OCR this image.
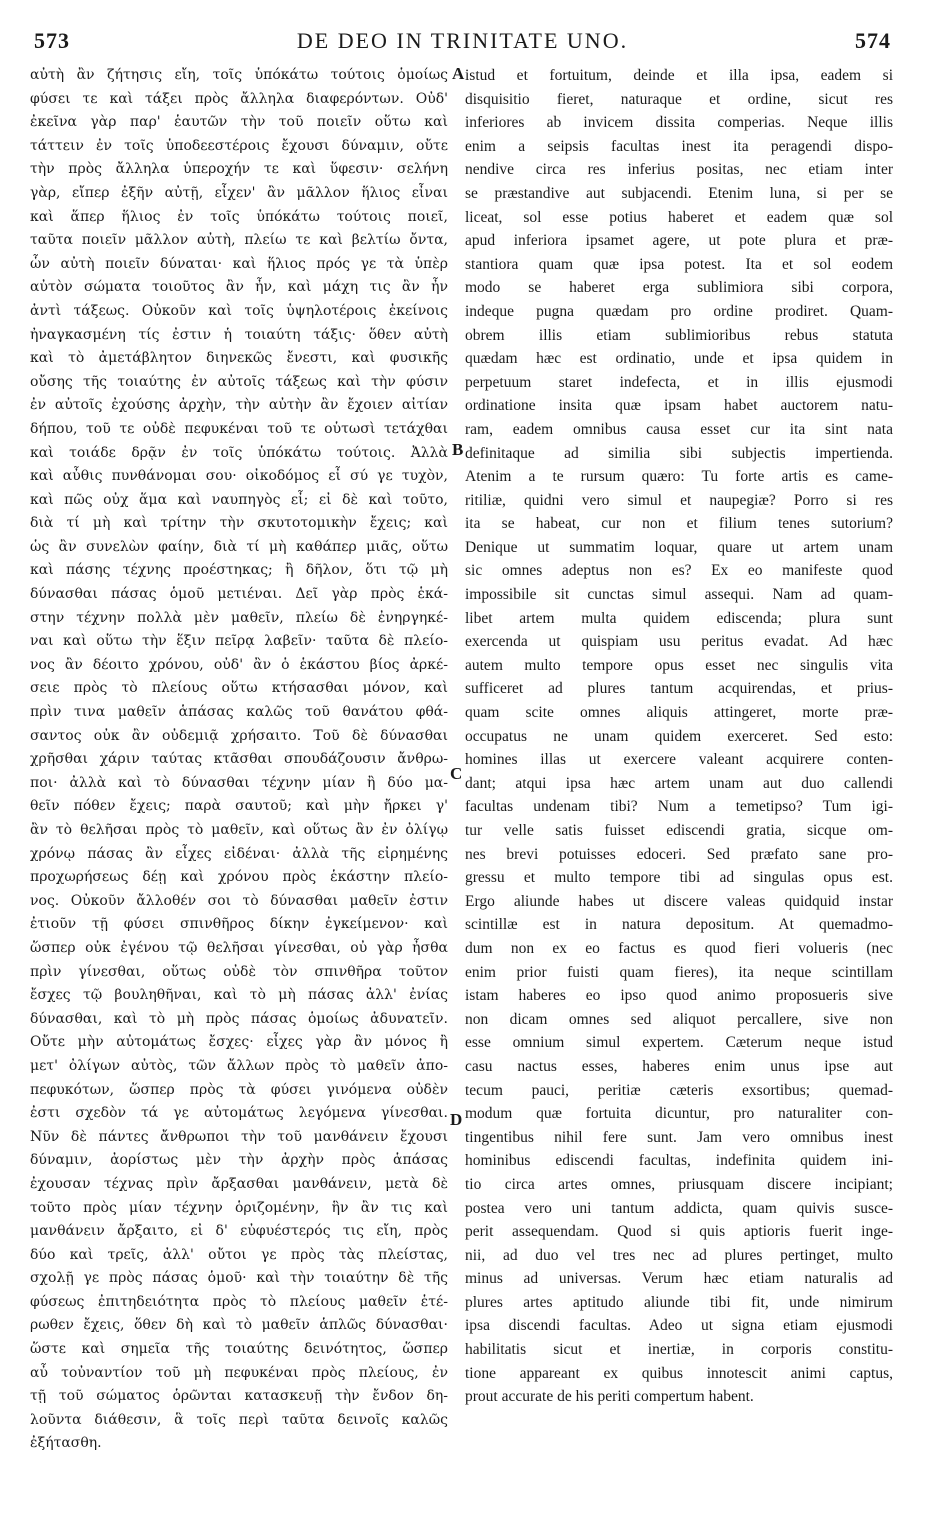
573	DE DEO IN TRINITATE UNO.	574
αὐτὴ ἂν ζήτησις εἴη, τοῖς ὑπόκάτω τούτοις ὁμοίως
φύσει τε καὶ τάξει πρὸς ἄλληλα διαφερόντων. Οὐδ'
ἐκεῖνα γὰρ παρ' ἑαυτῶν τὴν τοῦ ποιεῖν οὕτω καὶ
τάττειν ἐν τοῖς ὑποδεεστέροις ἔχουσι δύναμιν, οὔτε
τὴν πρὸς ἄλληλα ὑπεροχήν τε καὶ ὕφεσιν· σελήνη
γὰρ, εἴπερ ἐξῆν αὐτῇ, εἶχεν' ἂν μᾶλλον ἥλιος εἶναι
καὶ ἅπερ ἥλιος ἐν τοῖς ὑπόκάτω τούτοις ποιεῖ,
ταῦτα ποιεῖν μᾶλλον αὐτὴ, πλείω τε καὶ βελτίω ὄντα,
ὧν αὐτὴ ποιεῖν δύναται· καὶ ἥλιος πρός γε τὰ ὑπὲρ
αὐτὸν σώματα τοιοῦτος ἂν ἦν, καὶ μάχη τις ἂν ἦν
ἀντὶ τάξεως. Οὐκοῦν καὶ τοῖς ὑψηλοτέροις ἐκείνοις
ἠναγκασμένη τίς ἐστιν ἡ τοιαύτη τάξις· ὅθεν αὐτὴ
καὶ τὸ ἀμετάβλητον διηνεκῶς ἔνεστι, καὶ φυσικῆς
οὔσης τῆς τοιαύτης ἐν αὐτοῖς τάξεως καὶ τὴν φύσιν
ἐν αὐτοῖς ἐχούσης ἀρχὴν, τὴν αὐτὴν ἂν ἔχοιεν αἰτίαν
δήπου, τοῦ τε οὐδὲ πεφυκέναι τοῦ τε οὑτωσὶ τετάχθαι
καὶ τοιάδε δρᾷν ἐν τοῖς ὑπόκάτω τούτοις. Ἀλλὰ
καὶ αὖθις πυνθάνομαι σου· οἰκοδόμος εἶ σύ γε τυχὸν,
καὶ πῶς οὐχ ἅμα καὶ ναυπηγὸς εἶ; εἰ δὲ καὶ τοῦτο,
διὰ τί μὴ καὶ τρίτην τὴν σκυτοτομικὴν ἔχεις; καὶ
ὡς ἂν συνελὼν φαίην, διὰ τί μὴ καθάπερ μιᾶς, οὕτω
καὶ πάσης τέχνης προέστηκας; ἢ δῆλον, ὅτι τῷ μὴ
δύνασθαι πάσας ὁμοῦ μετιέναι. Δεῖ γὰρ πρὸς ἑκά-
στην τέχνην πολλὰ μὲν μαθεῖν, πλείω δὲ ἐνηργηκέ-
ναι καὶ οὕτω τὴν ἕξιν πεῖρᾳ λαβεῖν· ταῦτα δὲ πλείο-
νος ἂν δέοιτο χρόνου, οὐδ' ἂν ὁ ἑκάστου βίος ἀρκέ-
σειε πρὸς τὸ πλείους οὕτω κτήσασθαι μόνον, καὶ
πρὶν τινα μαθεῖν ἁπάσας καλῶς τοῦ θανάτου φθά-
σαντος οὐκ ἂν οὐδεμιᾷ χρήσαιτο. Τοῦ δὲ δύνασθαι
χρῆσθαι χάριν ταύτας κτᾶσθαι σπουδάζουσιν ἄνθρω-
ποι· ἀλλὰ καὶ τὸ δύνασθαι τέχνην μίαν ἢ δύο μα-
θεῖν πόθεν ἔχεις; παρὰ σαυτοῦ; καὶ μὴν ἤρκει γ'
ἂν τὸ θελῆσαι πρὸς τὸ μαθεῖν, καὶ οὕτως ἂν ἐν ὀλίγῳ
χρόνῳ πάσας ἂν εἶχες εἰδέναι· ἀλλὰ τῆς εἰρημένης
προχωρήσεως δέῃ καὶ χρόνου πρὸς ἑκάστην πλείο-
νος. Οὐκοῦν ἄλλοθέν σοι τὸ δύνασθαι μαθεῖν ἐστιν
ἐτιοῦν τῇ φύσει σπινθῆρος δίκην ἐγκείμενον· καὶ
ὥσπερ οὐκ ἐγένου τῷ θελῆσαι γίνεσθαι, οὐ γὰρ ἦσθα
πρὶν γίνεσθαι, οὕτως οὐδὲ τὸν σπινθῆρα τοῦτον
ἔσχες τῷ βουληθῆναι, καὶ τὸ μὴ πάσας ἀλλ' ἐνίας
δύνασθαι, καὶ τὸ μὴ πρὸς πάσας ὁμοίως ἀδυνατεῖν.
Οὔτε μὴν αὐτομάτως ἔσχες· εἶχες γὰρ ἂν μόνος ἢ
μετ' ὀλίγων αὐτὸς, τῶν ἄλλων πρὸς τὸ μαθεῖν ἀπο-
πεφυκότων, ὥσπερ πρὸς τὰ φύσει γινόμενα οὐδὲν
ἐστι σχεδὸν τά γε αὐτομάτως λεγόμενα γίνεσθαι.
Νῦν δὲ πάντες ἄνθρωποι τὴν τοῦ μανθάνειν ἔχουσι
δύναμιν, ἀορίστως μὲν τὴν ἀρχὴν πρὸς ἁπάσας
ἐχουσαν τέχνας πρὶν ἄρξασθαι μανθάνειν, μετὰ δὲ
τοῦτο πρὸς μίαν τέχνην ὁριζομένην, ἣν ἂν τις καὶ
μανθάνειν ἄρξαιτο, εἰ δ' εὐφυέστερός τις εἴη, πρὸς
δύο καὶ τρεῖς, ἀλλ' οὔτοι γε πρὸς τὰς πλείστας,
σχολῇ γε πρὸς πάσας ὁμοῦ· καὶ τὴν τοιαύτην δὲ τῆς
φύσεως ἐπιτηδειότητα πρὸς τὸ πλείους μαθεῖν ἑτέ-
ρωθεν ἔχεις, ὅθεν δὴ καὶ τὸ μαθεῖν ἁπλῶς δύνασθαι·
ὥστε καὶ σημεῖα τῆς τοιαύτης δεινότητος, ὥσπερ
αὖ τοὐναντίον τοῦ μὴ πεφυκέναι πρὸς πλείους, ἐν
τῇ τοῦ σώματος ὁρῶνται κατασκευῇ τὴν ἔνδον δη-
λοῦντα διάθεσιν, ἃ τοῖς περὶ ταῦτα δεινοῖς καλῶς
ἐξήτασθη.
istud et fortuitum, deinde et illa ipsa, eadem si
disquisitio fieret, naturaque et ordine, sicut res
inferiores ab invicem dissita comperias. Neque illis
enim a seipsis facultas inest ita peragendi dispo-
nendive circa res inferius positas, nec etiam inter
se præstandive aut subjacendi. Etenim luna, si per se
liceat, sol esse potius haberet et eadem quæ sol
apud inferiora ipsamet agere, ut pote plura et præ-
stantiora quam quæ ipsa potest. Ita et sol eodem
modo se haberet erga sublimiora sibi corpora,
indeque pugna quædam pro ordine prodiret. Quam-
obrem illis etiam sublimioribus rebus statuta
quædam hæc est ordinatio, unde et ipsa quidem in
perpetuum staret indefecta, et in illis ejusmodi
ordinatione insita quæ ipsam habet auctorem natu-
ram, eadem omnibus causa esset cur ita sint nata
definitaque ad similia sibi subjectis impertienda.
Atenim a te rursum quæro: Tu forte artis es came-
ritiliæ, quidni vero simul et naupegiæ? Porro si res
ita se habeat, cur non et filium tenes sutorium?
Denique ut summatim loquar, quare ut artem unam
sic omnes adeptus non es? Ex eo manifeste quod
impossibile sit cunctas simul assequi. Nam ad quam-
libet artem multa quidem ediscenda; plura sunt
exercenda ut quispiam usu peritus evadat. Ad hæc
autem multo tempore opus esset nec singulis vita
sufficeret ad plures tantum acquirendas, et prius-
quam scite omnes aliquis attingeret, morte præ-
occupatus ne unam quidem exerceret. Sed esto:
homines illas ut exercere valeant acquirere conten-
dant; atqui ipsa hæc artem unam aut duo callendi
facultas undenam tibi? Num a temetipso? Tum igi-
tur velle satis fuisset ediscendi gratia, sicque om-
nes brevi potuisses edoceri. Sed præfato sane pro-
gressu et multo tempore tibi ad singulas opus est.
Ergo aliunde habes ut discere valeas quidquid instar
scintillæ est in natura depositum. At quemadmo-
dum non ex eo factus es quod fieri volueris (nec
enim prior fuisti quam fieres), ita neque scintillam
istam haberes eo ipso quod animo proposueris sive
non dicam omnes sed aliquot percallere, sive non
esse omnium simul expertem. Cæterum neque istud
casu nactus esses, haberes enim unus ipse aut
tecum pauci, peritiæ cæteris exsortibus; quemad-
modum quæ fortuita dicuntur, pro naturaliter con-
tingentibus nihil fere sunt. Jam vero omnibus inest
hominibus ediscendi facultas, indefinita quidem ini-
tio circa artes omnes, priusquam discere incipiant;
postea vero uni tantum addicta, quam quivis susce-
perit assequendam. Quod si quis aptioris fuerit inge-
nii, ad duo vel tres nec ad plures pertinget, multo
minus ad universas. Verum hæc etiam naturalis ad
plures artes aptitudo aliunde tibi fit, unde nimirum
ipsa discendi facultas. Adeo ut signa etiam ejusmodi
habilitatis sicut et inertiæ, in corporis constitu-
tione appareant ex quibus innotescit animi captus,
prout accurate de his periti compertum habent.
A
B
C
D
